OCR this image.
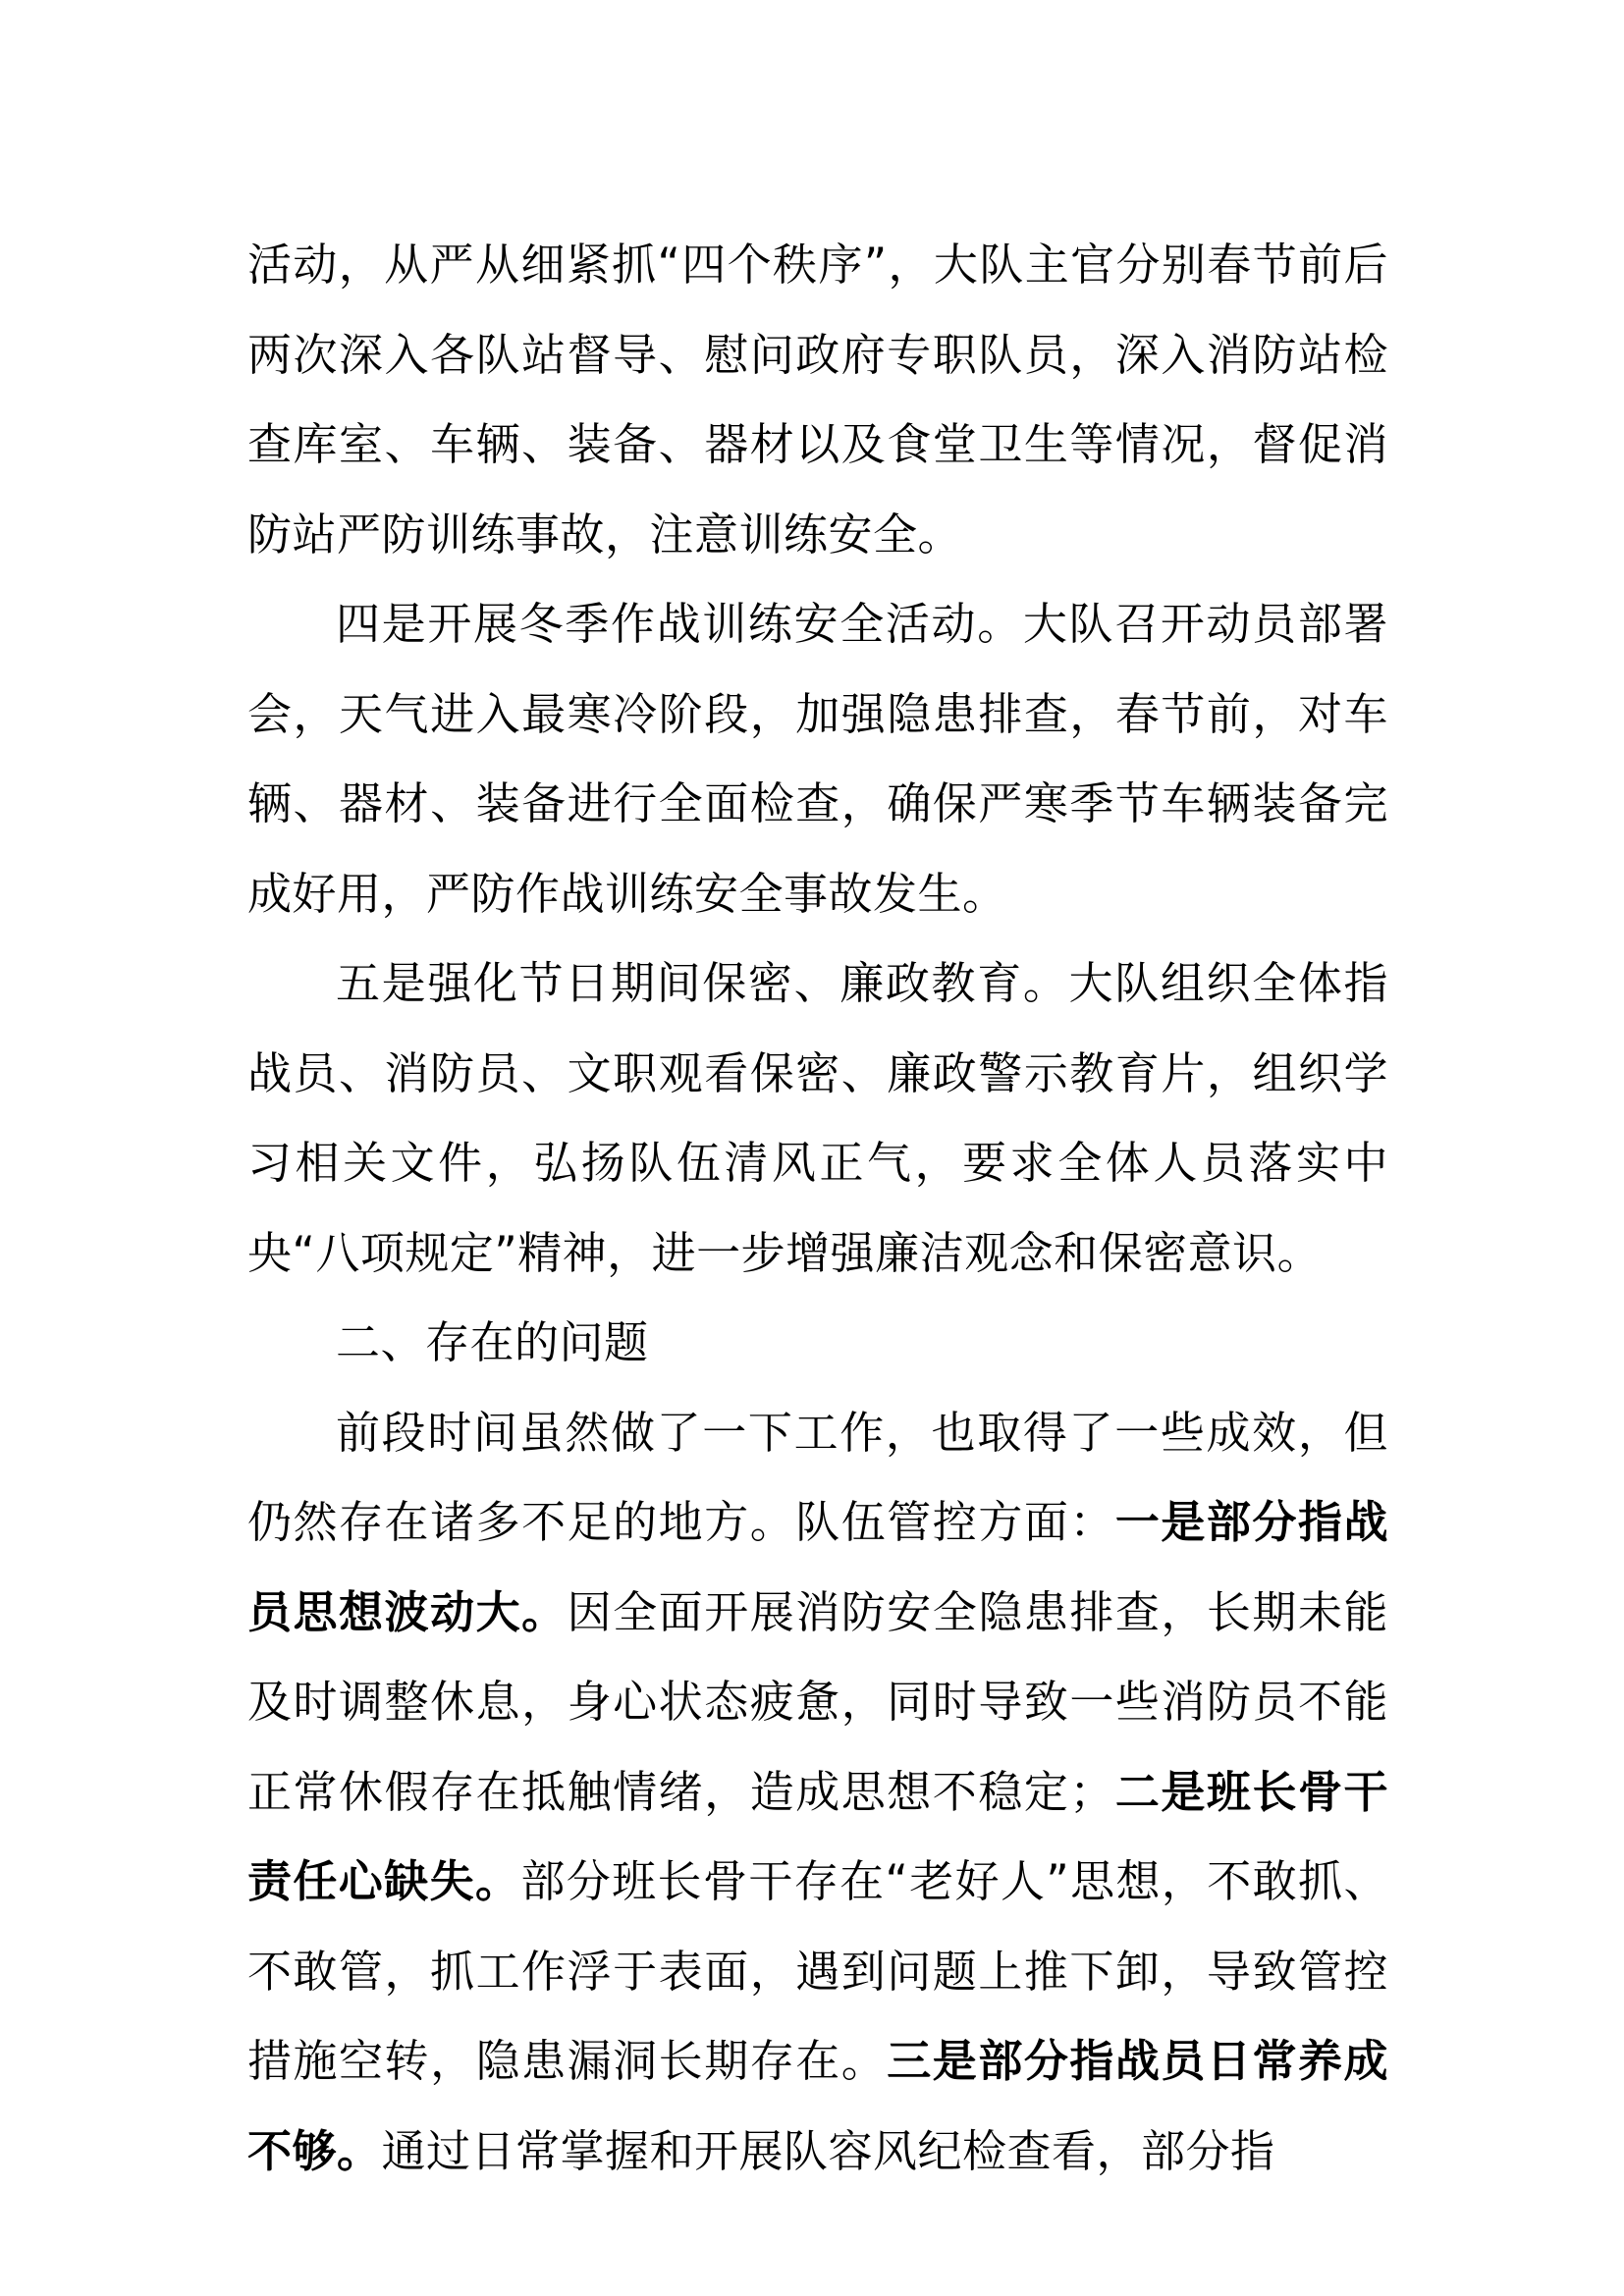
活动，从严从细紧抓“四个秩序”，大队主官分别春节前后两次深入各队站督导、慰问政府专职队员，深入消防站检查库室、车辆、装备、器材以及食堂卫生等情况，督促消防站严防训练事故，注意训练安全。

四是开展冬季作战训练安全活动。大队召开动员部署会，天气进入最寒冷阶段，加强隐患排查，春节前，对车辆、器材、装备进行全面检查，确保严寒季节车辆装备完成好用，严防作战训练安全事故发生。

五是强化节日期间保密、廉政教育。大队组织全体指战员、消防员、文职观看保密、廉政警示教育片，组织学习相关文件，弘扬队伍清风正气，要求全体人员落实中央“八项规定”精神，进一步增强廉洁观念和保密意识。

二、存在的问题

前段时间虽然做了一下工作，也取得了一些成效，但仍然存在诸多不足的地方。队伍管控方面：一是部分指战员思想波动大。因全面开展消防安全隐患排查，长期未能及时调整休息，身心状态疲惫，同时导致一些消防员不能正常休假存在抵触情绪，造成思想不稳定；二是班长骨干责任心缺失。部分班长骨干存在“老好人”思想，不敢抓、不敢管，抓工作浮于表面，遇到问题上推下卸，导致管控措施空转，隐患漏洞长期存在。三是部分指战员日常养成不够。通过日常掌握和开展队容风纪检查看，部分指
